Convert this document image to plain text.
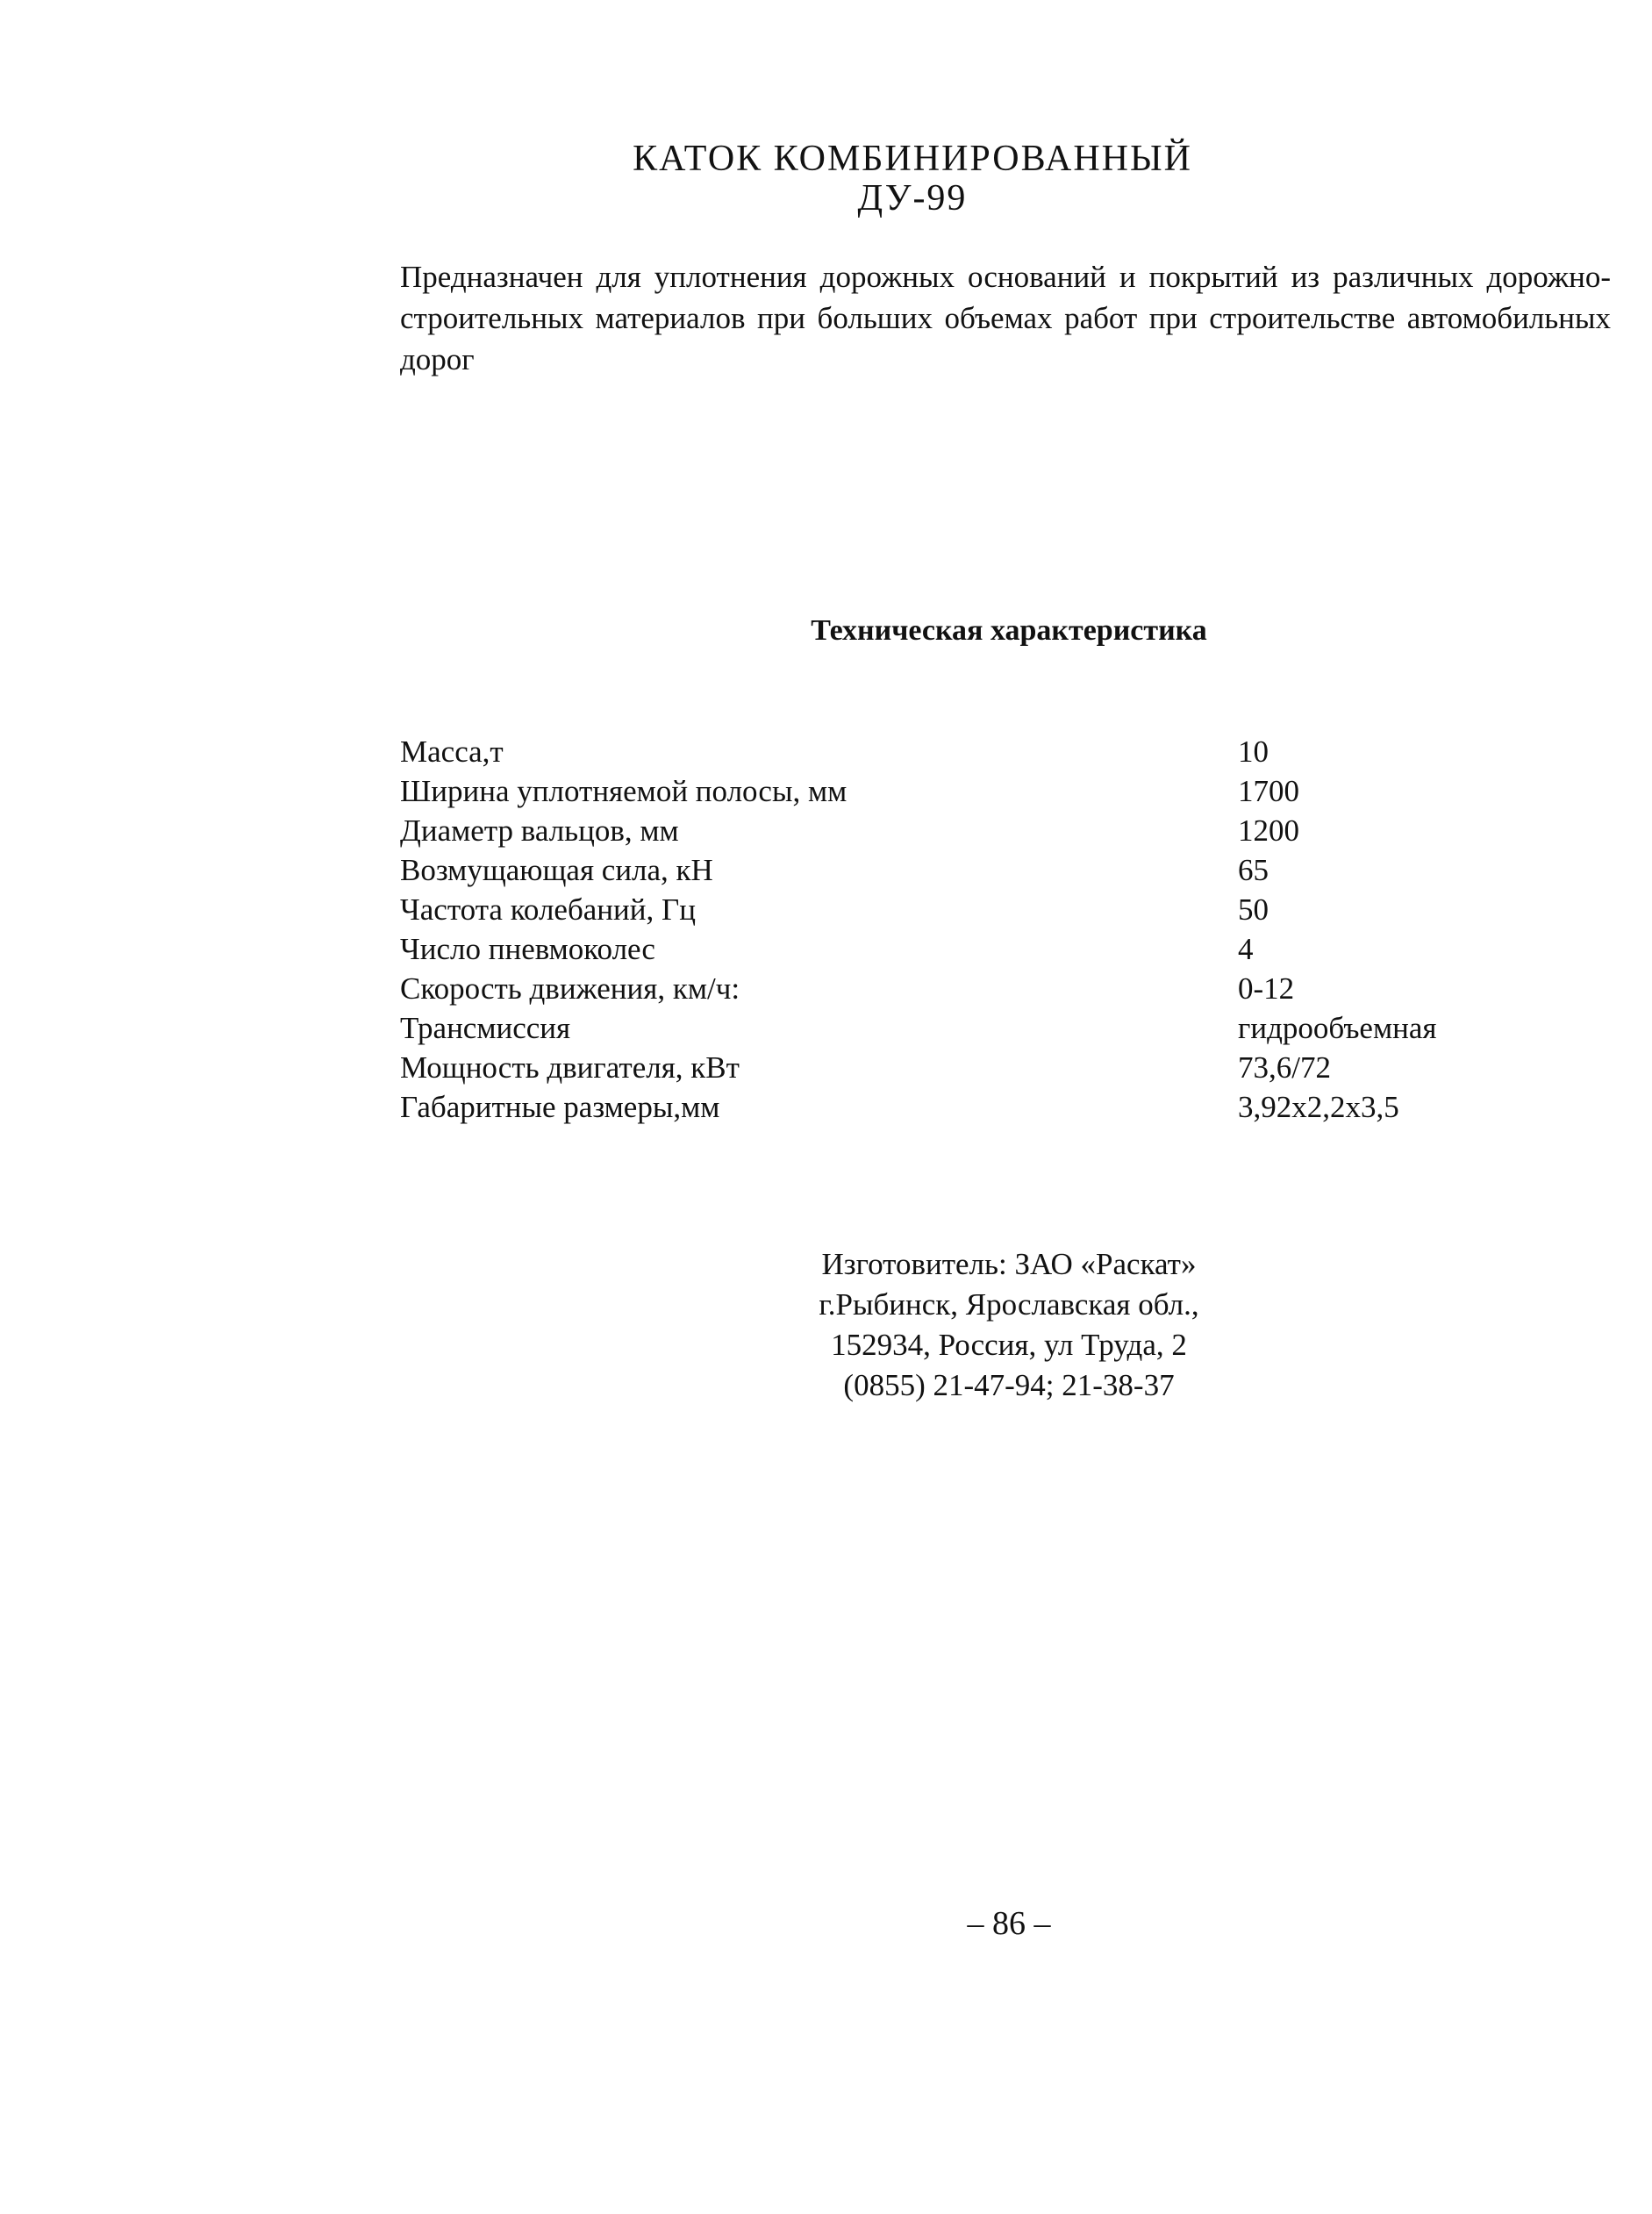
КАТОК КОМБИНИРОВАННЫЙ
ДУ-99

Предназначен для уплотнения дорожных оснований и покрытий из различных дорожно-строительных материалов при больших объемах работ при строительстве автомобильных дорог

Техническая характеристика
Масса,т	10
Ширина уплотняемой полосы, мм	1700
Диаметр вальцов, мм	1200
Возмущающая сила, кН	65
Частота колебаний, Гц	50
Число пневмоколес	4
Скорость движения, км/ч:	0-12
Трансмиссия	гидрообъемная
Мощность двигателя, кВт	73,6/72
Габаритные размеры,мм	3,92х2,2х3,5
Изготовитель: ЗАО «Раскат»
г.Рыбинск, Ярославская обл.,
152934, Россия, ул Труда, 2
(0855) 21-47-94; 21-38-37
– 86 –
